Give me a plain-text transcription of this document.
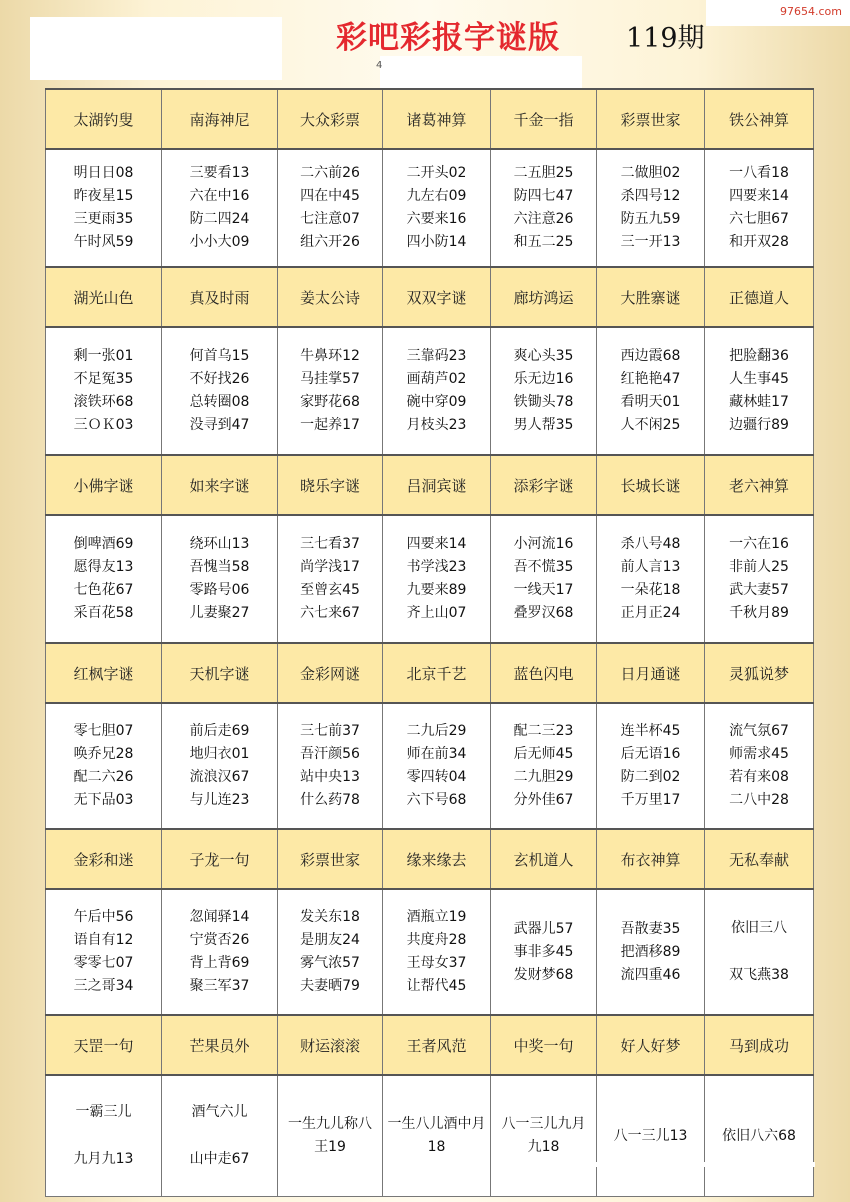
彩吧彩报字谜版 119期
4
97654.com
太湖钓叟	南海神尼	大众彩票	诸葛神算	千金一指	彩票世家	铁公神算

明日日08
昨夜星15
三更雨35
午时风59	三要看13
六在中16
防二四24
小小大09	二六前26
四在中45
七注意07
组六开26	二开头02
九左右09
六要来16
四小防14	二五胆25
防四七47
六注意26
和五二25	二做胆02
杀四号12
防五九59
三一开13	一八看18
四要来14
六七胆67
和开双28

湖光山色	真及时雨	姜太公诗	双双字谜	廊坊鸿运	大胜寨谜	正德道人

剩一张01
不足冤35
滚铁环68
三ＯＫ03	何首乌15
不好找26
总转圈08
没寻到47	牛鼻环12
马挂掌57
家野花68
一起养17	三靠码23
画葫芦02
碗中穿09
月枝头23	爽心头35
乐无边16
铁锄头78
男人帮35	西边霞68
红艳艳47
看明天01
人不闲25	把脸翻36
人生事45
藏林蛙17
边疆行89

小佛字谜	如来字谜	晓乐字谜	吕洞宾谜	添彩字谜	长城长谜	老六神算

倒啤酒69
愿得友13
七色花67
采百花58	绕环山13
吾愧当58
零路号06
儿妻聚27	三七看37
尚学浅17
至曾玄45
六七来67	四要来14
书学浅23
九要来89
齐上山07	小河流16
吾不慌35
一线天17
叠罗汉68	杀八号48
前人言13
一朵花18
正月正24	一六在16
非前人25
武大妻57
千秋月89

红枫字谜	天机字谜	金彩网谜	北京千艺	蓝色闪电	日月通谜	灵狐说梦

零七胆07
唤乔兄28
配二六26
无下品03	前后走69
地归衣01
流浪汉67
与儿连23	三七前37
吾汗颜56
站中央13
什么药78	二九后29
师在前34
零四转04
六下号68	配二三23
后无师45
二九胆29
分外佳67	连半杯45
后无语16
防二到02
千万里17	流气氛67
师需求45
若有来08
二八中28

金彩和迷	子龙一句	彩票世家	缘来缘去	玄机道人	布衣神算	无私奉献

午后中56
语自有12
零零七07
三之哥34	忽闻驿14
宁赏否26
背上背69
聚三军37	发关东18
是朋友24
雾气浓57
夫妻晒79	酒瓶立19
共度舟28
王母女37
让帮代45	武器儿57
事非多45
发财梦68	吾散妻35
把酒移89
流四重46	依旧三八
双飞燕38

天罡一句	芒果员外	财运滚滚	王者风范	中奖一句	好人好梦	马到成功

一霸三儿
九月九13	酒气六儿
山中走67	一生九儿称八王19	一生八儿酒中月18	八一三儿九月九18	八一三儿13	依旧八六68
